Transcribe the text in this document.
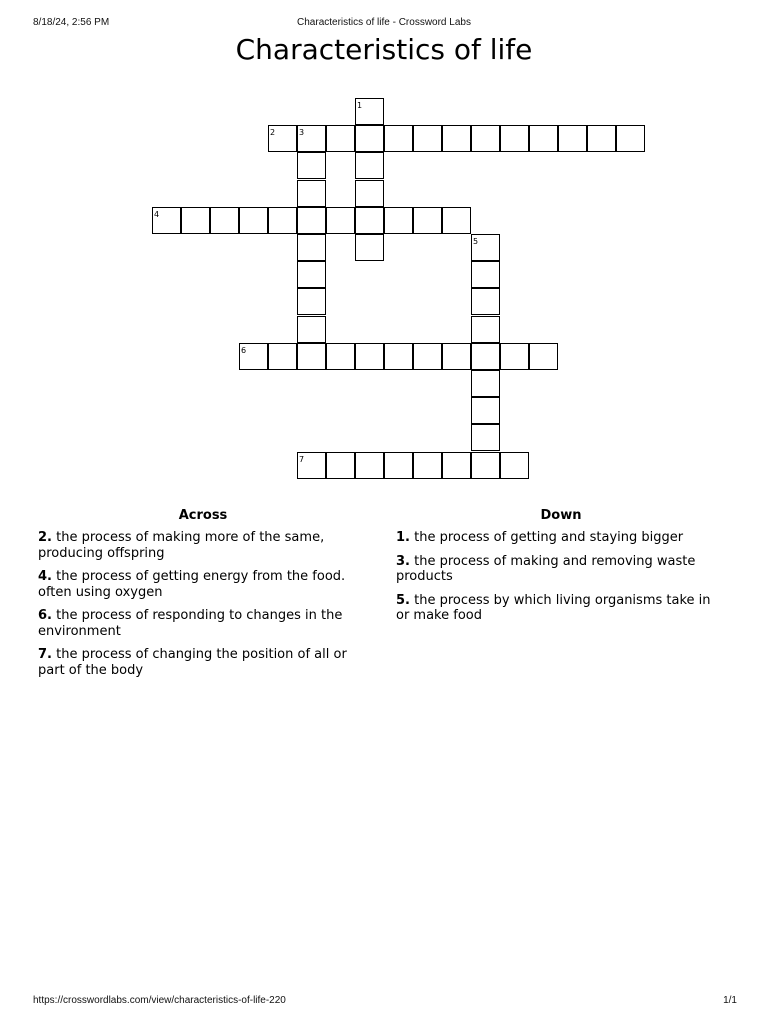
8/18/24, 2:56 PM	Characteristics of life - Crossword Labs
Characteristics of life
1
2	3
4
5
6
7
Across
2. the process of making more of the same, producing offspring
4. the process of getting energy from the food. often using oxygen
6. the process of responding to changes in the environment
7. the process of changing the position of all or part of the body
Down
1. the process of getting and staying bigger
3. the process of making and removing waste products
5. the process by which living organisms take in or make food
https://crosswordlabs.com/view/characteristics-of-life-220	1/1
